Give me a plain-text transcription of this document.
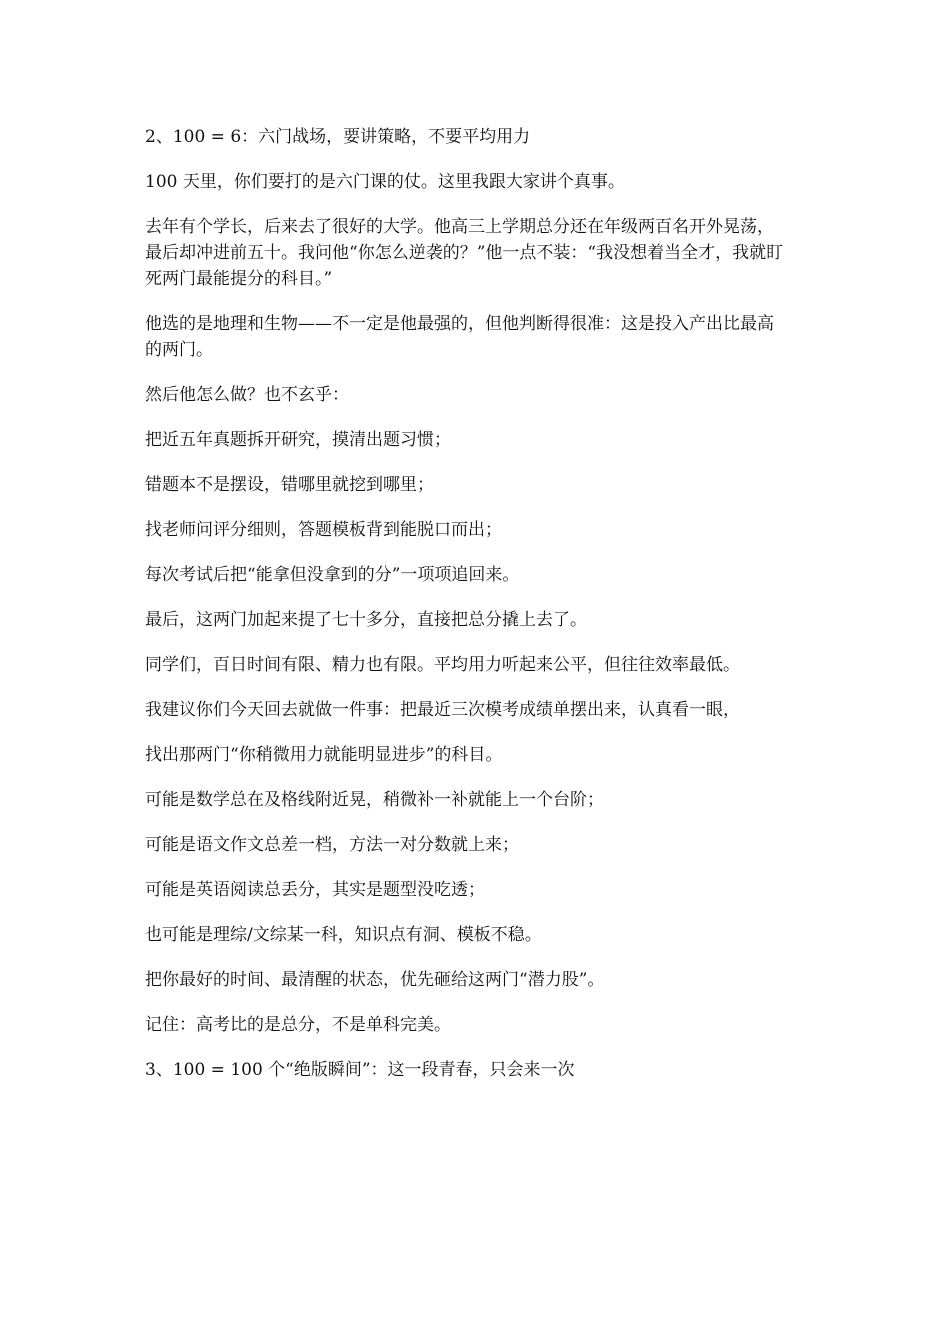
2、100 = 6：六门战场，要讲策略，不要平均用力

100 天里，你们要打的是六门课的仗。这里我跟大家讲个真事。

去年有个学长，后来去了很好的大学。他高三上学期总分还在年级两百名开外晃荡，最后却冲进前五十。我问他“你怎么逆袭的？”他一点不装：“我没想着当全才，我就盯死两门最能提分的科目。”

他选的是地理和生物——不一定是他最强的，但他判断得很准：这是投入产出比最高的两门。

然后他怎么做？也不玄乎：

把近五年真题拆开研究，摸清出题习惯；

错题本不是摆设，错哪里就挖到哪里；

找老师问评分细则，答题模板背到能脱口而出；

每次考试后把“能拿但没拿到的分”一项项追回来。

最后，这两门加起来提了七十多分，直接把总分撬上去了。

同学们，百日时间有限、精力也有限。平均用力听起来公平，但往往效率最低。

我建议你们今天回去就做一件事：把最近三次模考成绩单摆出来，认真看一眼，

找出那两门“你稍微用力就能明显进步”的科目。

可能是数学总在及格线附近晃，稍微补一补就能上一个台阶；

可能是语文作文总差一档，方法一对分数就上来；

可能是英语阅读总丢分，其实是题型没吃透；

也可能是理综/文综某一科，知识点有洞、模板不稳。

把你最好的时间、最清醒的状态，优先砸给这两门“潜力股”。

记住：高考比的是总分，不是单科完美。

3、100 = 100 个“绝版瞬间”：这一段青春，只会来一次
